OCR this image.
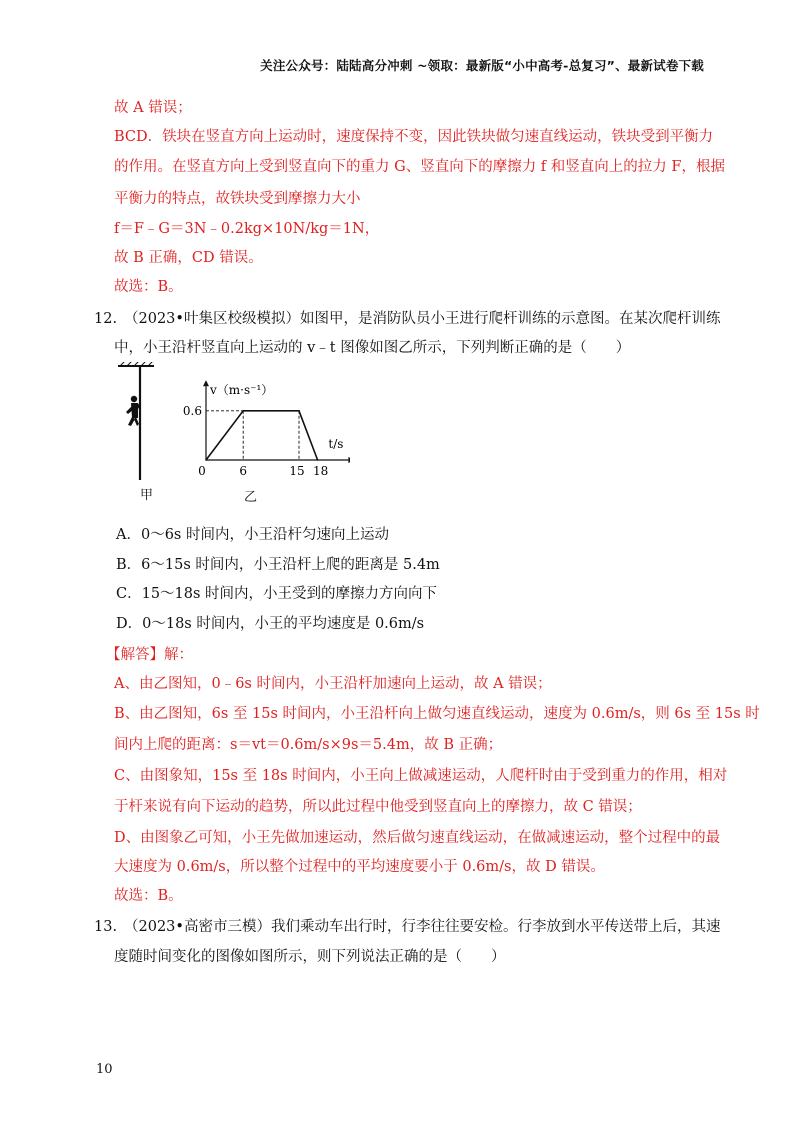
关注公众号：陆陆高分冲刺 ~领取：最新版“小中高考-总复习”、最新试卷下载
故 A 错误；
BCD．铁块在竖直方向上运动时，速度保持不变，因此铁块做匀速直线运动，铁块受到平衡力
的作用。在竖直方向上受到竖直向下的重力 G、竖直向下的摩擦力 f 和竖直向上的拉力 F，根据
平衡力的特点，故铁块受到摩擦力大小
f＝F﹣G＝3N﹣0.2kg×10N/kg＝1N，
故 B 正确，CD 错误。
故选：B。
12. （2023•叶集区校级模拟）如图甲，是消防队员小王进行爬杆训练的示意图。在某次爬杆训练
中，小王沿杆竖直向上运动的 v﹣t 图像如图乙所示，下列判断正确的是（　　）
v（m·s⁻¹）
t/s
0.6
0	6	15 18
甲	乙
A．0～6s 时间内，小王沿杆匀速向上运动
B．6～15s 时间内，小王沿杆上爬的距离是 5.4m
C．15～18s 时间内，小王受到的摩擦力方向向下
D．0～18s 时间内，小王的平均速度是 0.6m/s
【解答】解：
A、由乙图知，0﹣6s 时间内，小王沿杆加速向上运动，故 A 错误；
B、由乙图知，6s 至 15s 时间内，小王沿杆向上做匀速直线运动，速度为 0.6m/s，则 6s 至 15s 时
间内上爬的距离：s＝vt＝0.6m/s×9s＝5.4m，故 B 正确；
C、由图象知，15s 至 18s 时间内，小王向上做减速运动，人爬杆时由于受到重力的作用，相对
于杆来说有向下运动的趋势，所以此过程中他受到竖直向上的摩擦力，故 C 错误；
D、由图象乙可知，小王先做加速运动，然后做匀速直线运动，在做减速运动，整个过程中的最
大速度为 0.6m/s，所以整个过程中的平均速度要小于 0.6m/s，故 D 错误。
故选：B。
13. （2023•高密市三模）我们乘动车出行时，行李往往要安检。行李放到水平传送带上后，其速
度随时间变化的图像如图所示，则下列说法正确的是（　　）
10
